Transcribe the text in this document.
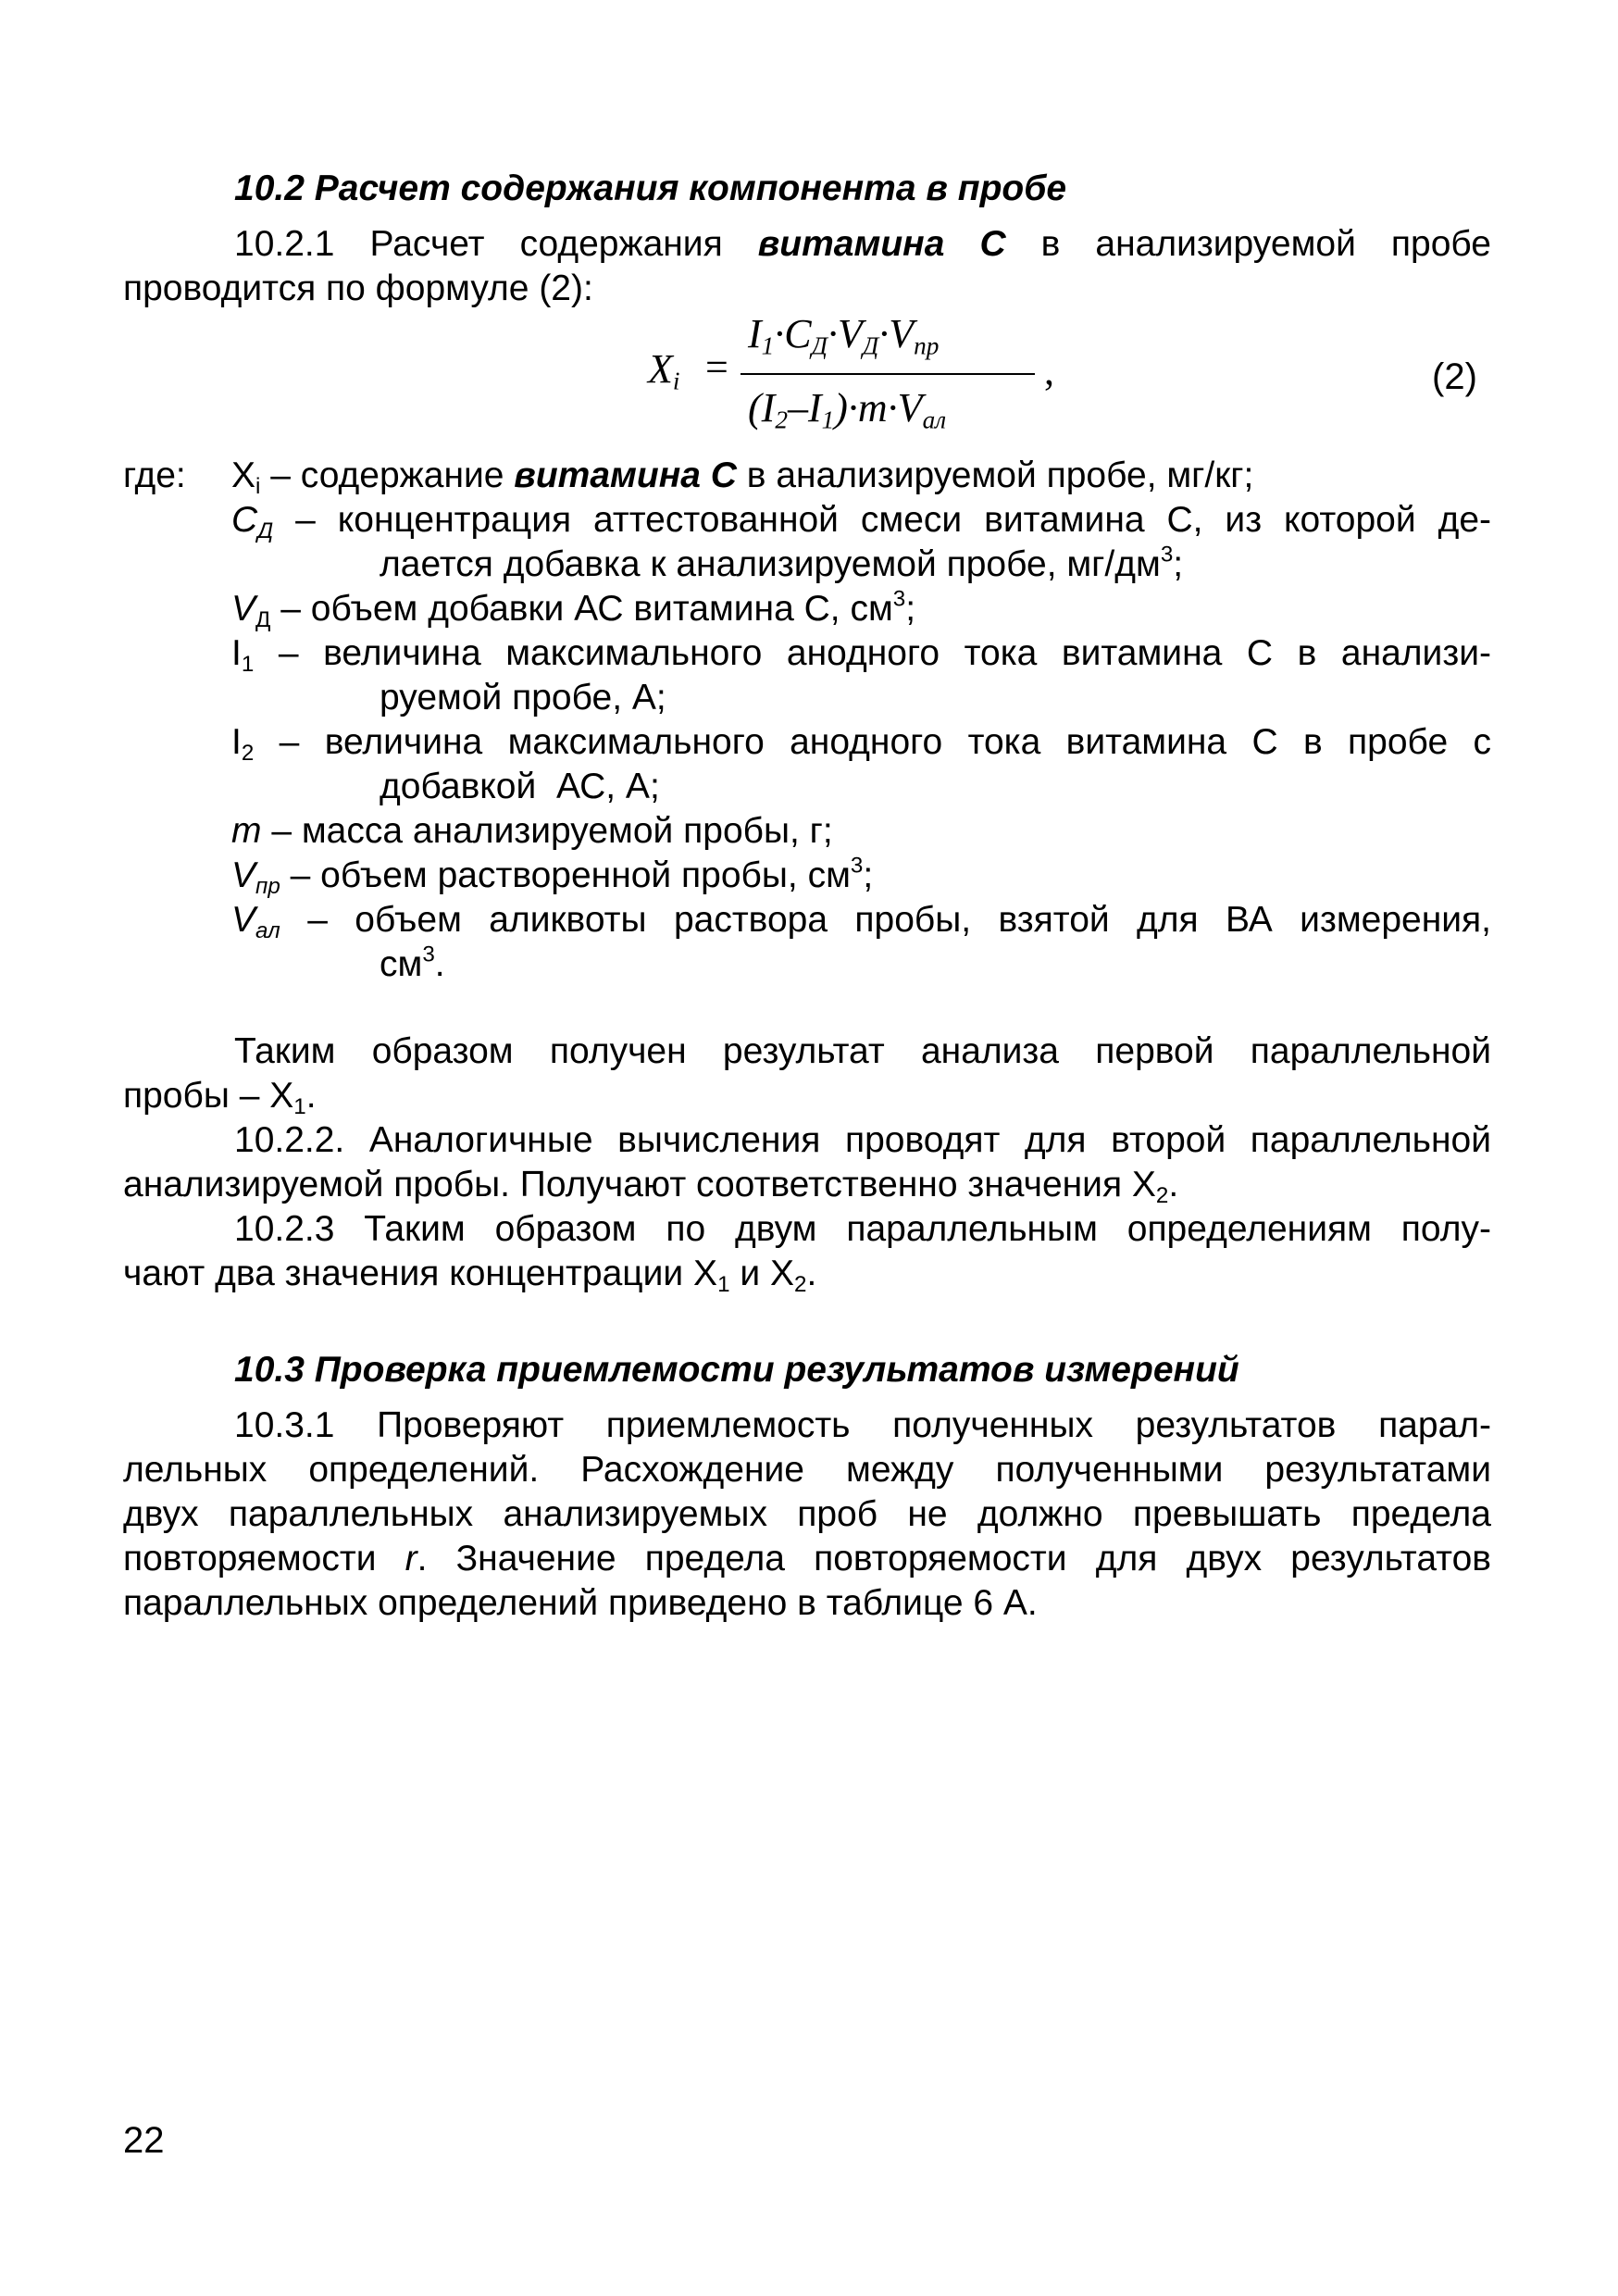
10.2 Расчет содержания компонента в пробе
10.2.1 Расчет содержания витамина С в анализируемой пробе
проводится по формуле (2):
$X_i$ =
$I_1\cdot C_Д\cdot V_Д\cdot V_{пр}$
$(I_2-I_1)\cdot m\cdot V_{ал}$
,	(2)
где: $X_i$ – содержание витамина С в анализируемой пробе, мг/кг;
$С_Д$ – концентрация аттестованной смеси витамина С, из которой де-
лается добавка к анализируемой пробе, $мг/дм^3$;
$V_Д$ – объем добавки АС витамина С, $см^3$;
$I_1$ – величина максимального анодного тока витамина С в анализи-
руемой пробе, А;
$I_2$ – величина максимального анодного тока витамина С в пробе с
добавкой  АС, А;
m – масса анализируемой пробы, г;
$V_{пр}$ – объем растворенной пробы, $см^3$;
$V_{ал}$ – объем аликвоты раствора пробы, взятой для ВА измерения,
$см^3$.
Таким образом получен результат анализа первой параллельной
пробы – $X_1$.
10.2.2. Аналогичные вычисления проводят для второй параллельной
анализируемой пробы. Получают соответственно значения $X_2$.
10.2.3 Таким образом по двум параллельным определениям полу-
чают два значения концентрации $X_1$ и $X_2$.
10.3 Проверка приемлемости результатов измерений
10.3.1 Проверяют приемлемость полученных результатов парал-
лельных определений. Расхождение между полученными результатами
двух параллельных анализируемых проб не должно превышать предела
повторяемости r. Значение предела повторяемости для двух результатов
параллельных определений приведено в таблице 6 А.
22
